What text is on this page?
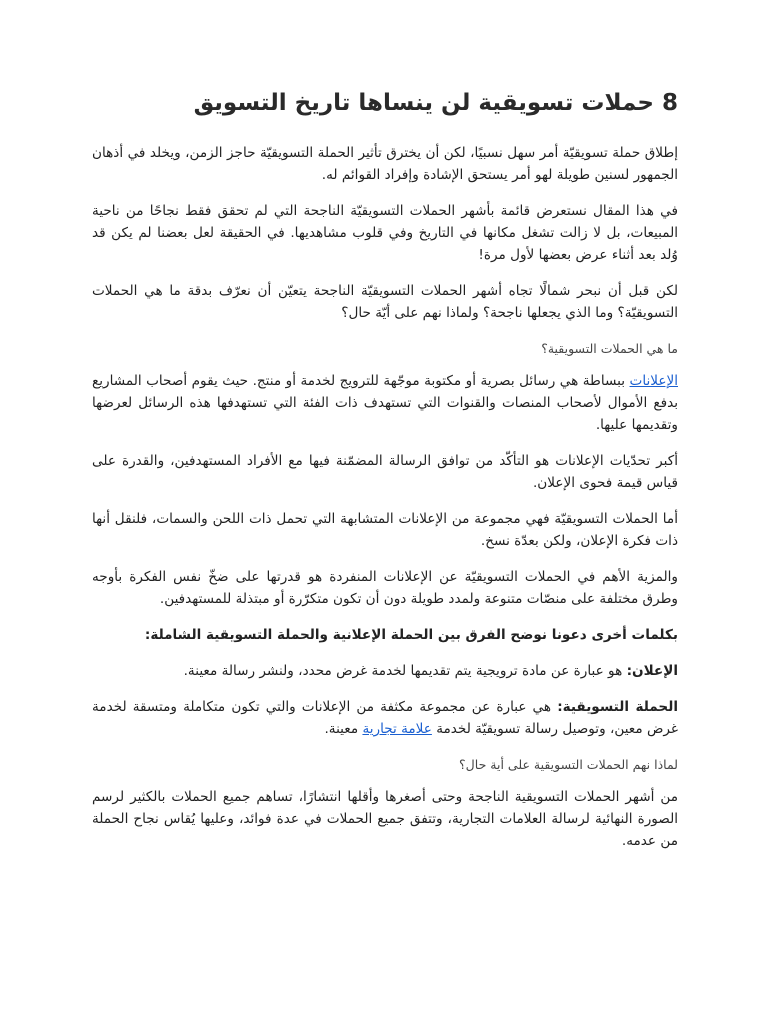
8 حملات تسويقية لن ينساها تاريخ التسويق

إطلاق حملة تسويقيّة أمر سهل نسبيًا، لكن أن يخترق تأثير الحملة التسويقيّة حاجز الزمن، ويخلد في أذهان الجمهور لسنين طويلة لهو أمر يستحق الإشادة وإفراد القوائم له.

في هذا المقال نستعرض قائمة بأشهر الحملات التسويقيّة الناجحة التي لم تحقق فقط نجاحًا من ناحية المبيعات، بل لا زالت تشغل مكانها في التاريخ وفي قلوب مشاهديها. في الحقيقة لعل بعضنا لم يكن قد وُلد بعد أثناء عرض بعضها لأول مرة!

لكن قبل أن نبحر شمالًا تجاه أشهر الحملات التسويقيّة الناجحة يتعيّن أن نعرّف بدقة ما هي الحملات التسويقيّة؟ وما الذي يجعلها ناجحة؟ ولماذا نهم على أيّة حال؟

ما هي الحملات التسويقية؟

الإعلانات ببساطة هي رسائل بصرية أو مكتوبة موجّهة للترويج لخدمة أو منتج. حيث يقوم أصحاب المشاريع بدفع الأموال لأصحاب المنصات والقنوات التي تستهدف ذات الفئة التي تستهدفها هذه الرسائل لعرضها وتقديمها عليها.

أكبر تحدّيات الإعلانات هو التأكّد من توافق الرسالة المضمّنة فيها مع الأفراد المستهدفين، والقدرة على قياس قيمة فحوى الإعلان.

أما الحملات التسويقيّة فهي مجموعة من الإعلانات المتشابهة التي تحمل ذات اللحن والسمات، فلنقل أنها ذات فكرة الإعلان، ولكن بعدّة نسخ.

والمزية الأهم في الحملات التسويقيّة عن الإعلانات المنفردة هو قدرتها على ضخّ نفس الفكرة بأوجه وطرق مختلفة على منصّات متنوعة ولمدد طويلة دون أن تكون متكرّرة أو مبتذلة للمستهدفين.

بكلمات أخرى دعونا نوضح الفرق بين الحملة الإعلانية والحملة التسويقية الشاملة:

الإعلان: هو عبارة عن مادة ترويجية يتم تقديمها لخدمة غرض محدد، ولنشر رسالة معينة.

الحملة التسويقية: هي عبارة عن مجموعة مكثفة من الإعلانات والتي تكون متكاملة ومتسقة لخدمة غرض معين، وتوصيل رسالة تسويقيّة لخدمة علامة تجارية معينة.

لماذا نهم الحملات التسويقية على أية حال؟

من أشهر الحملات التسويقية الناجحة وحتى أصغرها وأقلها انتشارًا، تساهم جميع الحملات بالكثير لرسم الصورة النهائية لرسالة العلامات التجارية، وتتفق جميع الحملات في عدة فوائد، وعليها يُقاس نجاح الحملة من عدمه.
